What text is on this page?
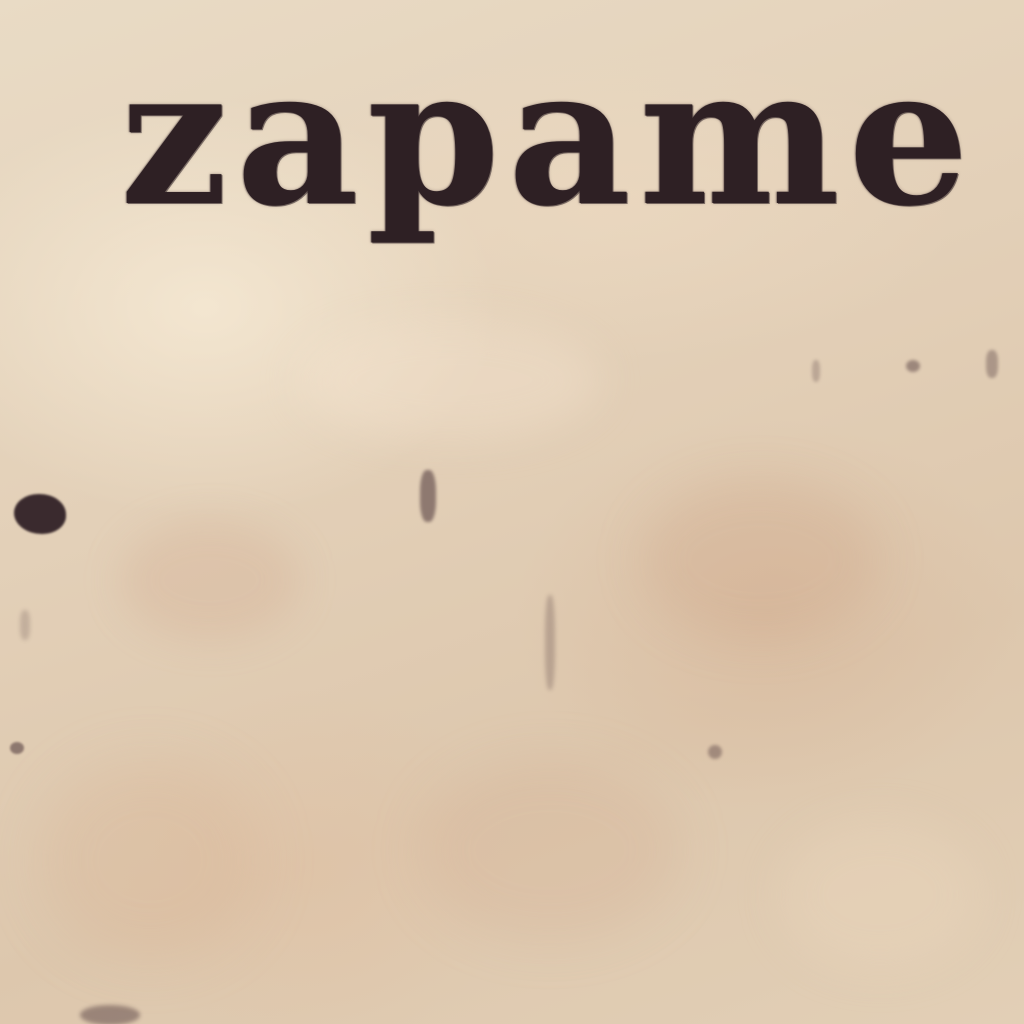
zapame
